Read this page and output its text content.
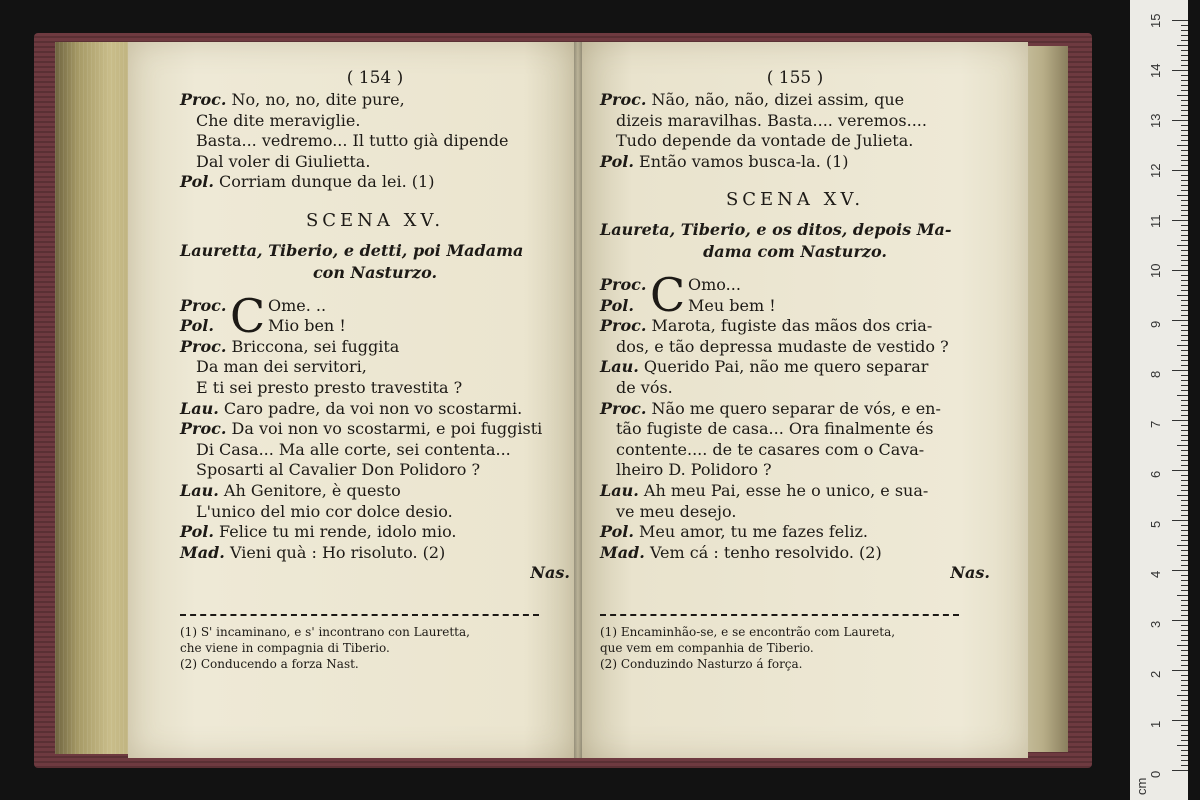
( 154 )
Proc. No, no, no, dite pure,
Che dite meraviglie.
Basta... vedremo... Il tutto già dipende
Dal voler di Giulietta.
Pol. Corriam dunque da lei. (1)
SCENA XV.
Lauretta, Tiberio, e detti, poi Madama
con Nasturzo.
Proc.
Pol. C Ome. ..
Mio ben !
Proc. Briccona, sei fuggita
Da man dei servitori,
E ti sei presto presto travestita ?
Lau. Caro padre, da voi non vo scostarmi.
Proc. Da voi non vo scostarmi, e poi fuggisti
Di Casa... Ma alle corte, sei contenta...
Sposarti al Cavalier Don Polidoro ?
Lau. Ah Genitore, è questo
L'unico del mio cor dolce desio.
Pol. Felice tu mi rende, idolo mio.
Mad. Vieni quà : Ho risoluto. (2)
Nas.
(1) S' incaminano, e s' incontrano con Lauretta,
che viene in compagnia di Tiberio.
(2) Conducendo a forza Nast.
( 155 )
Proc. Não, não, não, dizei assim, que
dizeis maravilhas. Basta.... veremos....
Tudo depende da vontade de Julieta.
Pol. Então vamos busca-la. (1)
SCENA XV.
Laureta, Tiberio, e os ditos, depois Ma-
dama com Nasturzo.
Proc.
Pol. C Omo...
Meu bem !
Proc. Marota, fugiste das mãos dos cria-
dos, e tão depressa mudaste de vestido ?
Lau. Querido Pai, não me quero separar
de vós.
Proc. Não me quero separar de vós, e en-
tão fugiste de casa... Ora finalmente és
contente.... de te casares com o Cava-
lheiro D. Polidoro ?
Lau. Ah meu Pai, esse he o unico, e sua-
ve meu desejo.
Pol. Meu amor, tu me fazes feliz.
Mad. Vem cá : tenho resolvido. (2)
Nas.
(1) Encaminhão-se, e se encontrão com Laureta,
que vem em companhia de Tiberio.
(2) Conduzindo Nasturzo á força.
0
1
2
3
4
5
6
7
8
9
10
11
12
13
14
15
cm
